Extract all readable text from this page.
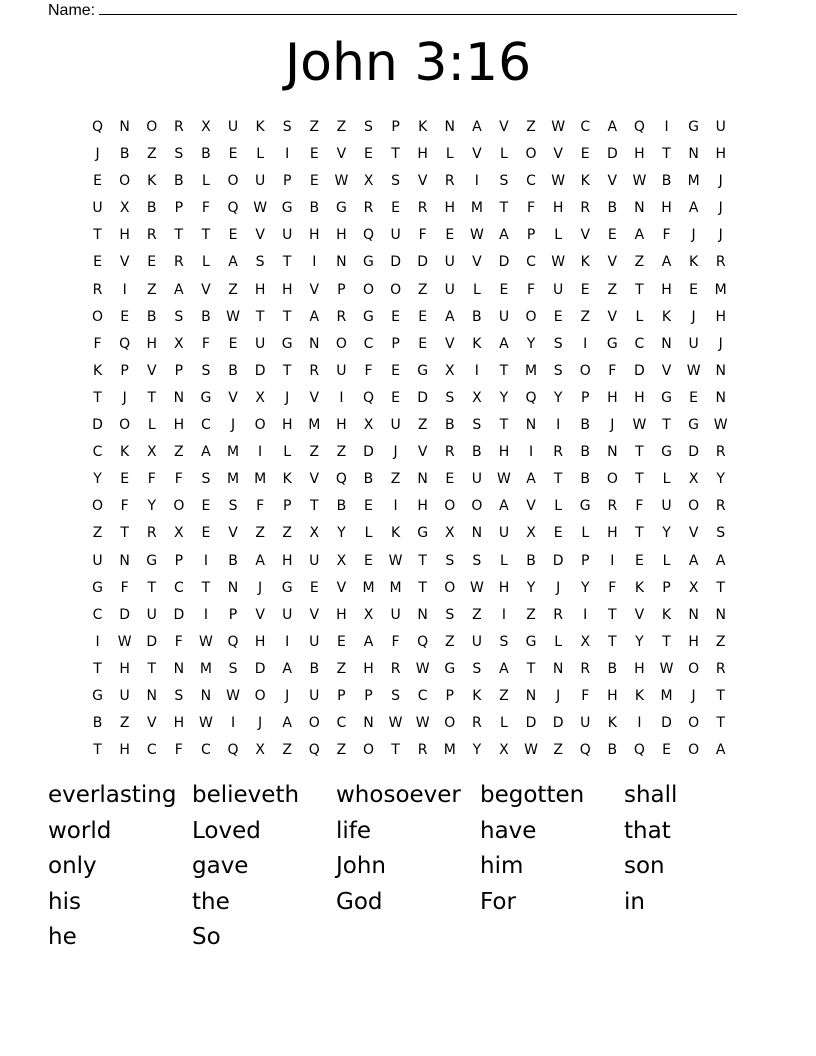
Name:
John 3:16
Q	N	O	R	X	U	K	S	Z	Z	S	P	K	N	A	V	Z	W	C	A	Q	I	G	U
J	B	Z	S	B	E	L	I	E	V	E	T	H	L	V	L	O	V	E	D	H	T	N	H
E	O	K	B	L	O	U	P	E	W	X	S	V	R	I	S	C	W	K	V	W	B	M	J
U	X	B	P	F	Q	W	G	B	G	R	E	R	H	M	T	F	H	R	B	N	H	A	J
T	H	R	T	T	E	V	U	H	H	Q	U	F	E	W	A	P	L	V	E	A	F	J	J
E	V	E	R	L	A	S	T	I	N	G	D	D	U	V	D	C	W	K	V	Z	A	K	R
R	I	Z	A	V	Z	H	H	V	P	O	O	Z	U	L	E	F	U	E	Z	T	H	E	M
O	E	B	S	B	W	T	T	A	R	G	E	E	A	B	U	O	E	Z	V	L	K	J	H
F	Q	H	X	F	E	U	G	N	O	C	P	E	V	K	A	Y	S	I	G	C	N	U	J
K	P	V	P	S	B	D	T	R	U	F	E	G	X	I	T	M	S	O	F	D	V	W	N
T	J	T	N	G	V	X	J	V	I	Q	E	D	S	X	Y	Q	Y	P	H	H	G	E	N
D	O	L	H	C	J	O	H	M	H	X	U	Z	B	S	T	N	I	B	J	W	T	G	W
C	K	X	Z	A	M	I	L	Z	Z	D	J	V	R	B	H	I	R	B	N	T	G	D	R
Y	E	F	F	S	M	M	K	V	Q	B	Z	N	E	U	W	A	T	B	O	T	L	X	Y
O	F	Y	O	E	S	F	P	T	B	E	I	H	O	O	A	V	L	G	R	F	U	O	R
Z	T	R	X	E	V	Z	Z	X	Y	L	K	G	X	N	U	X	E	L	H	T	Y	V	S
U	N	G	P	I	B	A	H	U	X	E	W	T	S	S	L	B	D	P	I	E	L	A	A
G	F	T	C	T	N	J	G	E	V	M	M	T	O	W	H	Y	J	Y	F	K	P	X	T
C	D	U	D	I	P	V	U	V	H	X	U	N	S	Z	I	Z	R	I	T	V	K	N	N
I	W	D	F	W	Q	H	I	U	E	A	F	Q	Z	U	S	G	L	X	T	Y	T	H	Z
T	H	T	N	M	S	D	A	B	Z	H	R	W	G	S	A	T	N	R	B	H	W	O	R
G	U	N	S	N	W	O	J	U	P	P	S	C	P	K	Z	N	J	F	H	K	M	J	T
B	Z	V	H	W	I	J	A	O	C	N	W W	O	R	L	D	D	U	K	I	D	O	T
T	H	C	F	C	Q	X	Z	Q	Z	O	T	R	M	Y	X	W	Z	Q	B	Q	E	O	A
everlasting believeth	whosoever begotten	shall
world	Loved	life	have	that
only	gave	John	him	son
his	the	God	For	in
he	So
